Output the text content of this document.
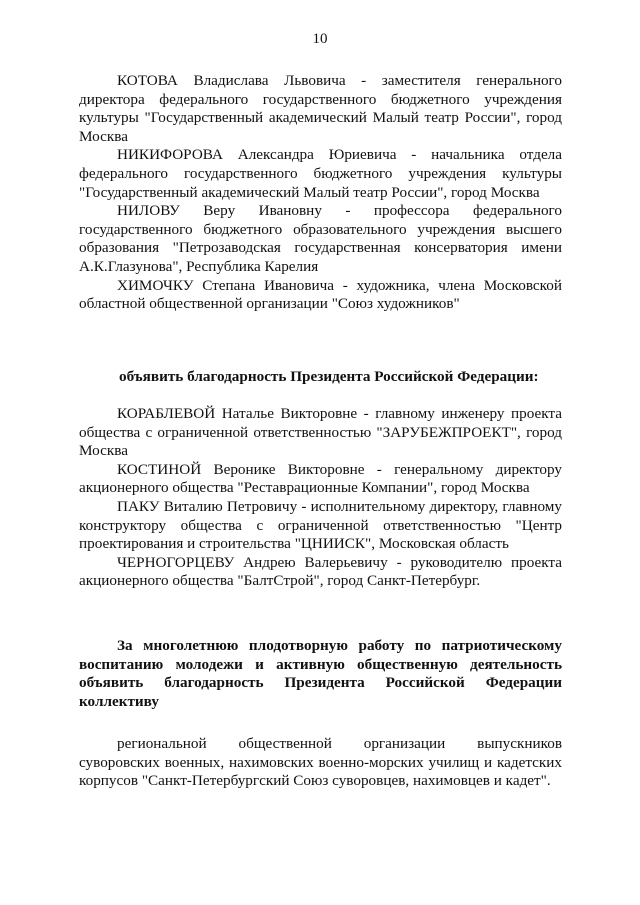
10

КОТОВА Владислава Львовича - заместителя генерального директора федерального государственного бюджетного учреждения культуры "Государственный академический Малый театр России", город Москва

НИКИФОРОВА Александра Юриевича - начальника отдела федерального государственного бюджетного учреждения культуры "Государственный академический Малый театр России", город Москва

НИЛОВУ Веру Ивановну - профессора федерального государственного бюджетного образовательного учреждения высшего образования "Петрозаводская государственная консерватория имени А.К.Глазунова", Республика Карелия

ХИМОЧКУ Степана Ивановича - художника, члена Московской областной общественной организации "Союз художников"

объявить благодарность Президента Российской Федерации:

КОРАБЛЕВОЙ Наталье Викторовне - главному инженеру проекта общества с ограниченной ответственностью "ЗАРУБЕЖПРОЕКТ", город Москва

КОСТИНОЙ Веронике Викторовне - генеральному директору акционерного общества "Реставрационные Компании", город Москва

ПАКУ Виталию Петровичу - исполнительному директору, главному конструктору общества с ограниченной ответственностью "Центр проектирования и строительства "ЦНИИСК", Московская область

ЧЕРНОГОРЦЕВУ Андрею Валерьевичу - руководителю проекта акционерного общества "БалтСтрой", город Санкт-Петербург.

За многолетнюю плодотворную работу по патриотическому воспитанию молодежи и активную общественную деятельность объявить благодарность Президента Российской Федерации коллективу

региональной общественной организации выпускников суворовских военных, нахимовских военно-морских училищ и кадетских корпусов "Санкт-Петербургский Союз суворовцев, нахимовцев и кадет".
